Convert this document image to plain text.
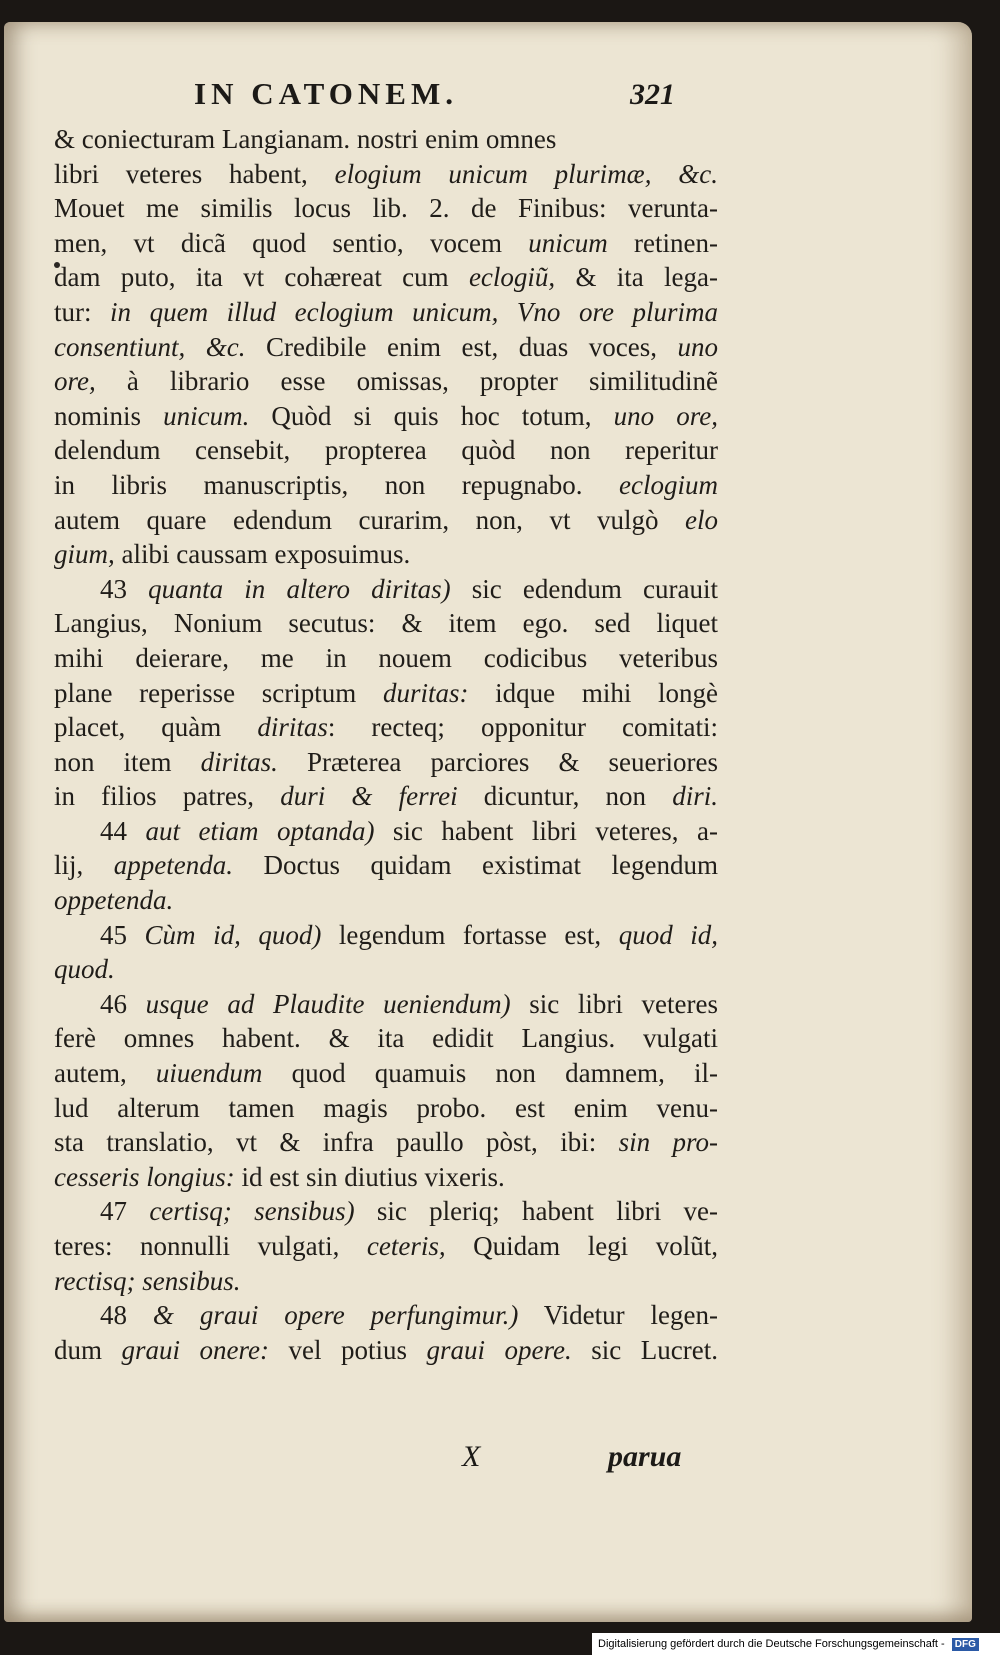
IN CATONEM.	321
& coniecturam Langianam. nostri enim omnes
libri veteres habent, elogium unicum plurimæ, &c.
Mouet me similis locus lib. 2. de Finibus: verunta-
men, vt dicã quod sentio, vocem unicum retinen-
dam puto, ita vt cohæreat cum eclogiũ, & ita lega-
tur: in quem illud eclogium unicum, Vno ore plurima
consentiunt, &c. Credibile enim est, duas voces, uno
ore, à librario esse omissas, propter similitudinẽ
nominis unicum. Quòd si quis hoc totum, uno ore,
delendum censebit, propterea quòd non reperitur
in libris manuscriptis, non repugnabo. eclogium
autem quare edendum curarim, non, vt vulgò elo
gium, alibi caussam exposuimus.
43 quanta in altero diritas) sic edendum curauit
Langius, Nonium secutus: & item ego. sed liquet
mihi deierare, me in nouem codicibus veteribus
plane reperisse scriptum duritas: idque mihi longè
placet, quàm diritas: recteq; opponitur comitati:
non item diritas. Præterea parciores & seueriores
in filios patres, duri & ferrei dicuntur, non diri.
44 aut etiam optanda) sic habent libri veteres, a-
lij, appetenda. Doctus quidam existimat legendum
oppetenda.
45 Cùm id, quod) legendum fortasse est, quod id,
quod.
46 usque ad Plaudite ueniendum) sic libri veteres
ferè omnes habent. & ita edidit Langius. vulgati
autem, uiuendum quod quamuis non damnem, il-
lud alterum tamen magis probo. est enim venu-
sta translatio, vt & infra paullo pòst, ibi: sin pro-
cesseris longius: id est sin diutius vixeris.
47 certisq; sensibus) sic pleriq; habent libri ve-
teres: nonnulli vulgati, ceteris, Quidam legi volũt,
rectisq; sensibus.
48 & graui opere perfungimur.) Videtur legen-
dum graui onere: vel potius graui opere. sic Lucret.
X	parua
Digitalisierung gefördert durch die Deutsche Forschungsgemeinschaft - DFG
